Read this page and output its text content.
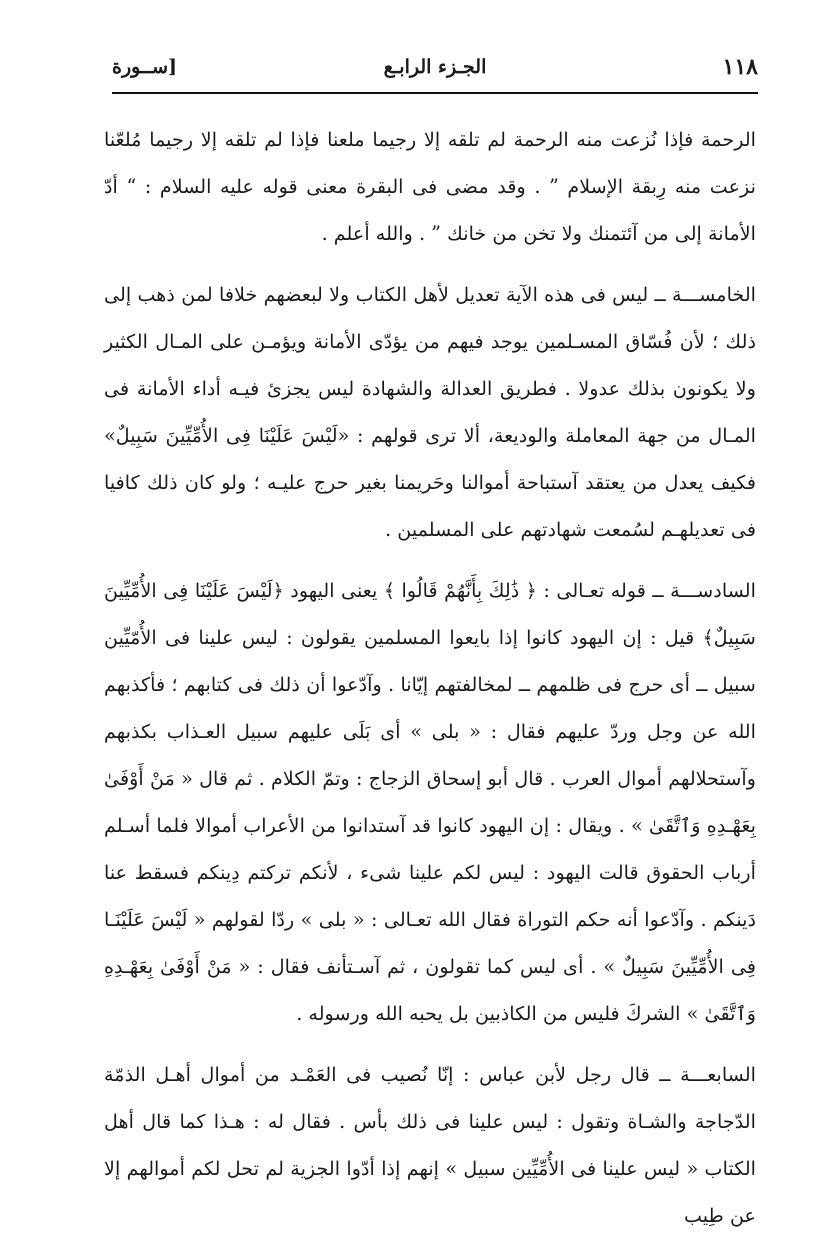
١١٨
الجـزء الرابـع
[ســورة

الرحمة فإذا نُزعت منه الرحمة لم تلقه إلا رجيما ملعنا فإذا لم تلقه إلا رجيما مُلعّنا نزعت منه رِبقة الإسلام ” . وقد مضى فى البقرة معنى قوله عليه السلام : “ أدّ الأمانة إلى من آئتمنك ولا تخن من خانك ” . والله أعلم .

الخامســـة ــ ليس فى هذه الآية تعديل لأهل الكتاب ولا لبعضهم خلافا لمن ذهب إلى ذلك ؛ لأن فُسّاق المسـلمين يوجد فيهم من يؤدّى الأمانة ويؤمـن على المـال الكثير ولا يكونون بذلك عدولا . فطريق العدالة والشهادة ليس يجزئ فيـه أداء الأمانة فى المـال من جهة المعاملة والوديعة، ألا ترى قولهم : «لَيْسَ عَلَيْنَا فِى الأُمِّيِّينَ سَبِيلٌ» فكيف يعدل من يعتقد آستباحة أموالنا وحَريمنا بغير حرج عليـه ؛ ولو كان ذلك كافيا فى تعديلهـم لسُمعت شهادتهم على المسلمين .

السادســـة ــ قوله تعـالى : ﴿ ذَٰلِكَ بِأَنَّهُمْ قَالُوا ﴾ يعنى اليهود ﴿لَيْسَ عَلَيْنَا فِى الأُمِّيِّينَ سَبِيلٌ﴾ قيل : إن اليهود كانوا إذا بايعوا المسلمين يقولون : ليس علينا فى الأُمّيِّين سبيل ــ أى حرج فى ظلمهم ــ لمخالفتهم إيّانا . وآدّعوا أن ذلك فى كتابهم ؛ فأكذبهم الله عن وجل وردّ عليهم فقال : « بلى » أى بَلَى عليهم سبيل العـذاب بكذبهم وآستحلالهم أموال العرب . قال أبو إسحاق الزجاج : وتمّ الكلام . ثم قال « مَنْ أَوْفَىٰ بِعَهْـدِهِ وَٱتَّقَىٰ » . ويقال : إن اليهود كانوا قد آستدانوا من الأعراب أموالا فلما أسـلم أرباب الحقوق قالت اليهود : ليس لكم علينا شىء ، لأنكم تركتم دِينكم فسقط عنا دَينكم . وآدّعوا أنه حكم التوراة فقال الله تعـالى : « بلى » ردّا لقولهم « لَيْسَ عَلَيْنَـا فِى الأُمِّيِّينَ سَبِيلٌ » . أى ليس كما تقولون ، ثم آسـتأنف فقال : « مَنْ أَوْفَىٰ بِعَهْـدِهِ وَٱتَّقَىٰ » الشركَ فليس من الكاذبين بل يحبه الله ورسوله .

السابعـــة ــ قال رجل لأبن عباس : إنّا نُصيب فى العَمْـد من أموال أهـل الذمّة الدّجاجة والشـاة وتقول : ليس علينا فى ذلك بأس . فقال له : هـذا كما قال أهل الكتاب « ليس علينا فى الأُمِّيِّين سبيل » إنهم إذا أدّوا الجزية لم تحل لكم أموالهم إلا عن طِيب
